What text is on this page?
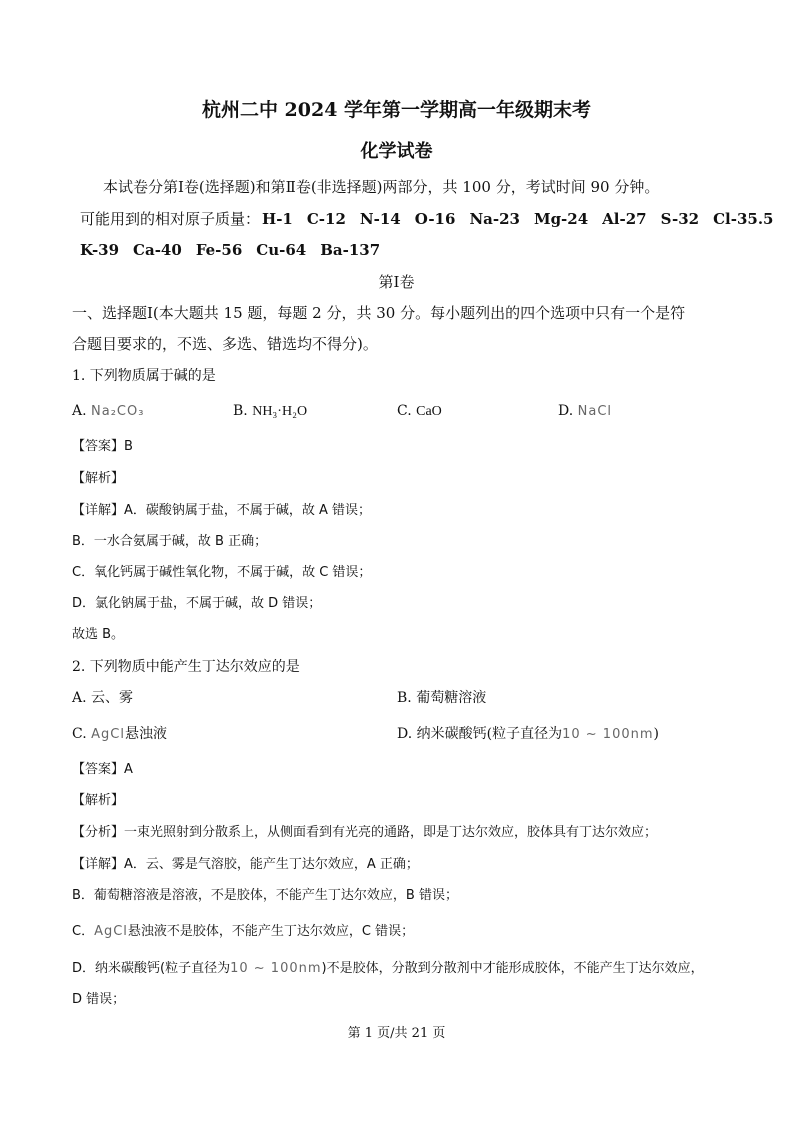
杭州二中 2024 学年第一学期高一年级期末考
化学试卷
本试卷分第Ⅰ卷(选择题)和第Ⅱ卷(非选择题)两部分，共 100 分，考试时间 90 分钟。
可能用到的相对原子质量： H-1 C-12 N-14 O-16 Na-23 Mg-24 Al-27 S-32 Cl-35.5
K-39 Ca-40 Fe-56 Cu-64 Ba-137
第Ⅰ卷
一、选择题Ⅰ(本大题共 15 题，每题 2 分，共 30 分。每小题列出的四个选项中只有一个是符
合题目要求的，不选、多选、错选均不得分)。
1. 下列物质属于碱的是
A. Na₂CO₃	B. NH₃·H₂O	C. CaO	D. NaCl
【答案】B
【解析】
【详解】A．碳酸钠属于盐，不属于碱，故 A 错误；
B．一水合氨属于碱，故 B 正确；
C．氧化钙属于碱性氧化物，不属于碱，故 C 错误；
D．氯化钠属于盐，不属于碱，故 D 错误；
故选 B。
2. 下列物质中能产生丁达尔效应的是
A. 云、雾	B. 葡萄糖溶液
C. AgCl悬浊液	D. 纳米碳酸钙(粒子直径为10 ~ 100nm)
【答案】A
【解析】
【分析】一束光照射到分散系上，从侧面看到有光亮的通路，即是丁达尔效应，胶体具有丁达尔效应；
【详解】A．云、雾是气溶胶，能产生丁达尔效应，A 正确；
B．葡萄糖溶液是溶液，不是胶体，不能产生丁达尔效应，B 错误；
C．AgCl悬浊液不是胶体，不能产生丁达尔效应，C 错误；
D．纳米碳酸钙(粒子直径为10 ~ 100nm)不是胶体，分散到分散剂中才能形成胶体，不能产生丁达尔效应，
D 错误；
第 1 页/共 21 页
